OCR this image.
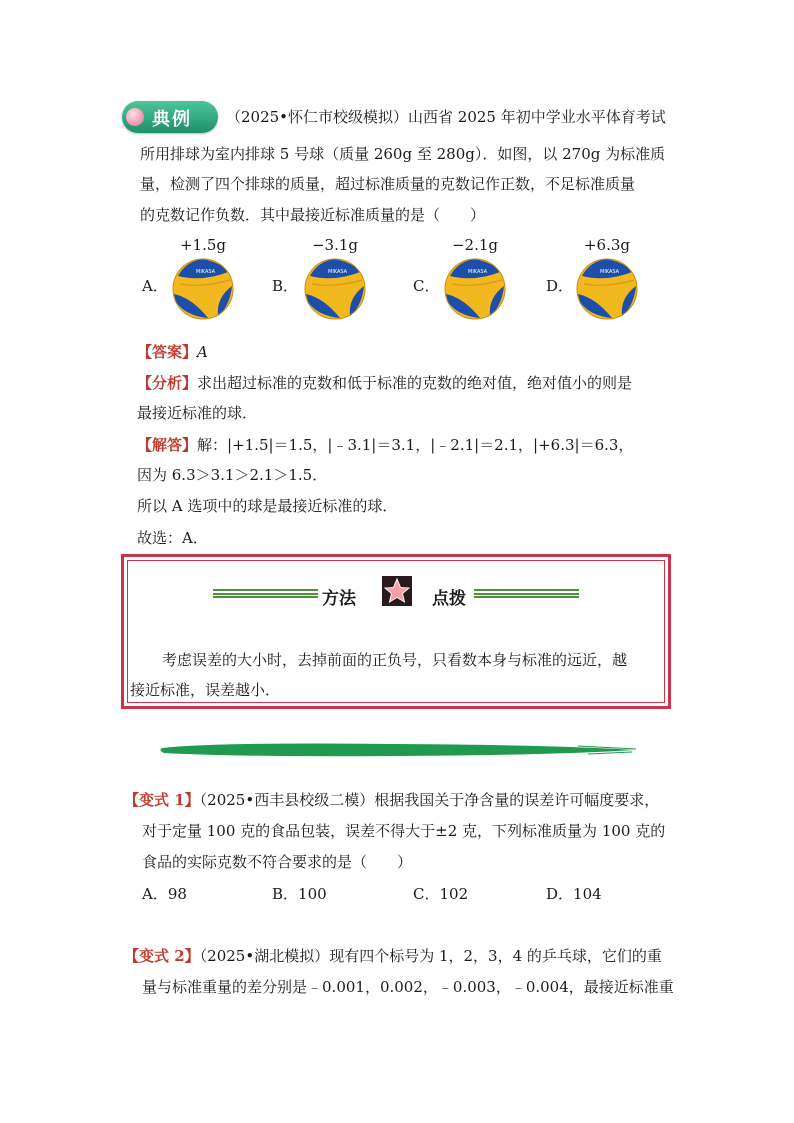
典例 （2025•怀仁市校级模拟）山西省 2025 年初中学业水平体育考试
所用排球为室内排球 5 号球（质量 260g 至 280g）．如图，以 270g 为标准质
量，检测了四个排球的质量，超过标准质量的克数记作正数，不足标准质量
的克数记作负数．其中最接近标准质量的是（　　）
A．	B．	C．	D．
+1.5g
MIKASA
−3.1g
MIKASA
−2.1g
MIKASA
+6.3g
MIKASA
【答案】A
【分析】求出超过标准的克数和低于标准的克数的绝对值，绝对值小的则是
最接近标准的球．
【解答】解：|+1.5|＝1.5，|﹣3.1|＝3.1，|﹣2.1|＝2.1，|+6.3|＝6.3，
因为 6.3＞3.1＞2.1＞1.5．
所以 A 选项中的球是最接近标准的球．
故选：A．
方法	点拨
考虑误差的大小时，去掉前面的正负号，只看数本身与标准的远近，越
接近标准，误差越小．
【变式 1】（2025•西丰县校级二模）根据我国关于净含量的误差许可幅度要求，
对于定量 100 克的食品包装，误差不得大于±2 克，下列标准质量为 100 克的
食品的实际克数不符合要求的是（　　）
A．98	B．100	C．102	D．104
【变式 2】（2025•湖北模拟）现有四个标号为 1，2，3，4 的乒乓球，它们的重
量与标准重量的差分别是﹣0.001，0.002，﹣0.003，﹣0.004，最接近标准重
